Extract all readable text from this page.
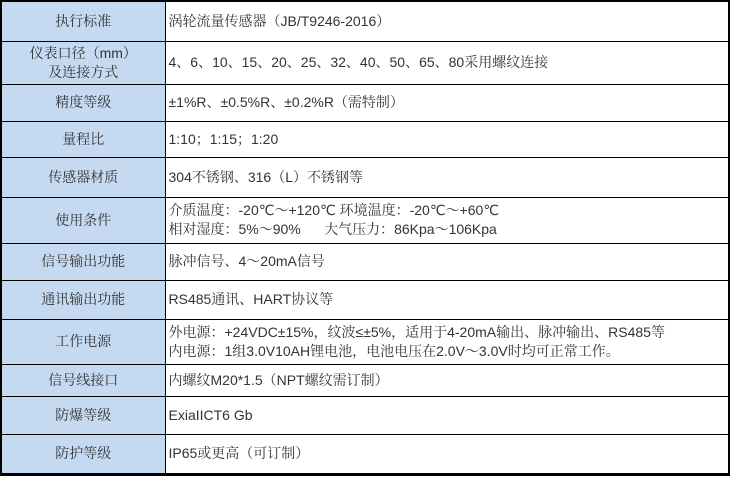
执行标准	涡轮流量传感器（JB/T9246-2016）

仪表口径（mm）
及连接方式	4、6、10、15、20、25、32、40、50、65、80采用螺纹连接

精度等级	±1%R、±0.5%R、±0.2%R（需特制）

量程比	1:10；1:15；1:20

传感器材质	304不锈钢、316（L）不锈钢等

使用条件	介质温度：-20℃～+120℃ 环境温度：-20℃～+60℃
相对湿度：5%～90%      大气压力：86Kpa～106Kpa

信号输出功能	脉冲信号、4～20mA信号

通讯输出功能	RS485通讯、HART协议等

工作电源	外电源：+24VDC±15%，纹波≤±5%，适用于4-20mA输出、脉冲输出、RS485等
内电源：1组3.0V10AH锂电池，电池电压在2.0V～3.0V时均可正常工作。

信号线接口	内螺纹M20*1.5（NPT螺纹需订制）

防爆等级	ExiaIICT6 Gb

防护等级	IP65或更高（可订制）
